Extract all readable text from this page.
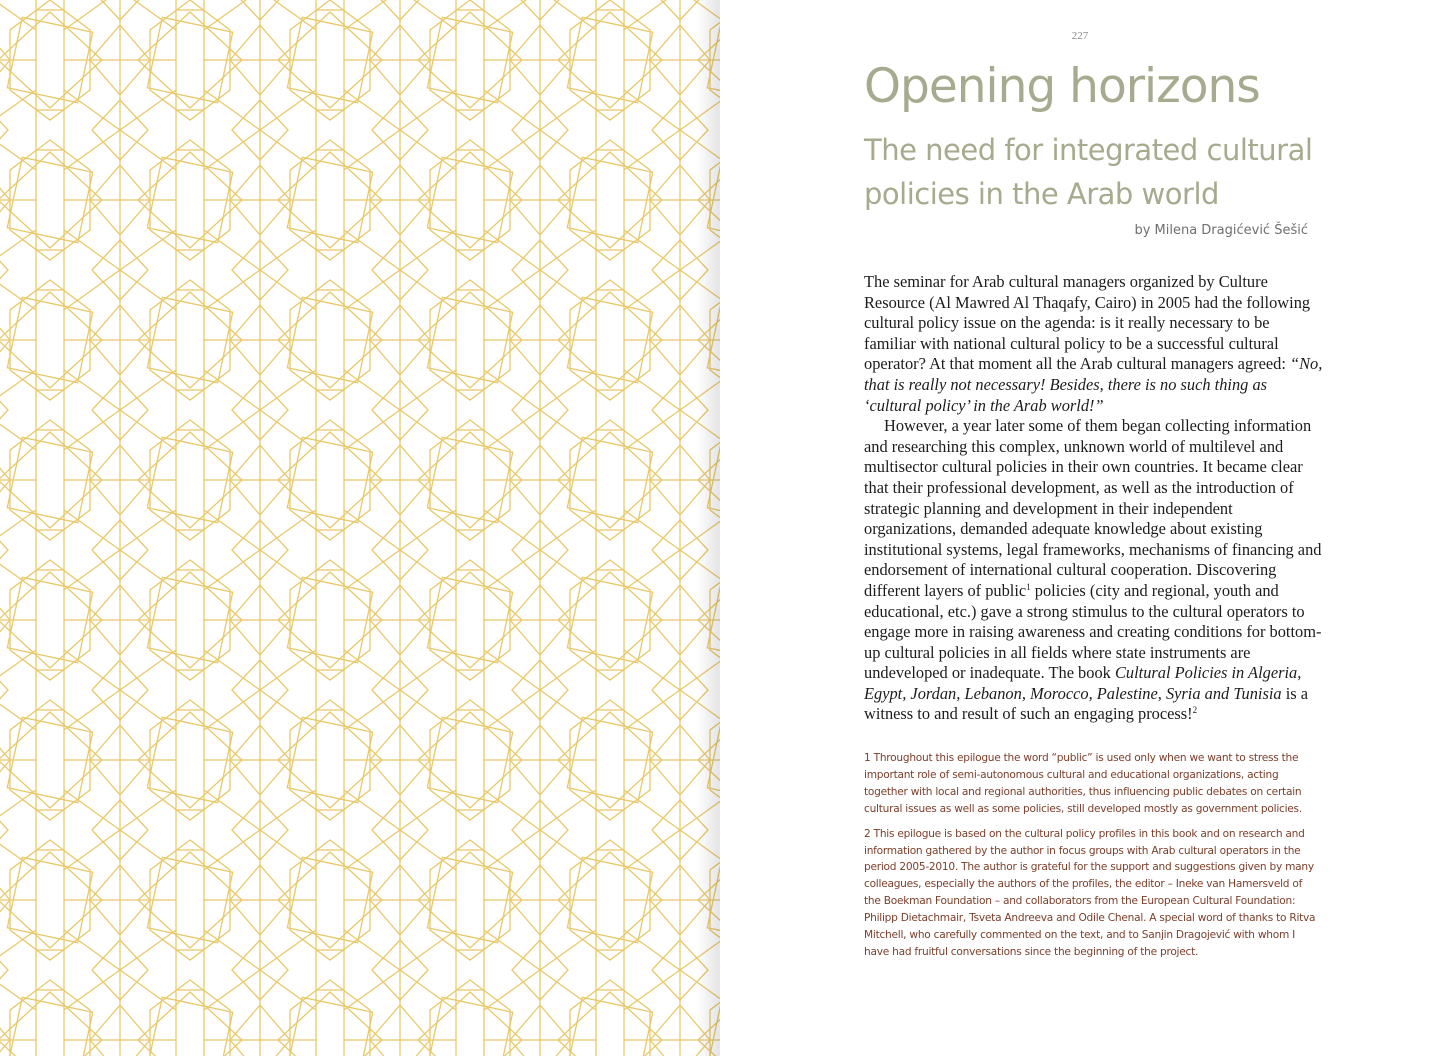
227
Opening horizons
The need for integrated cultural policies in the Arab world
by Milena Dragićević Šešić

The seminar for Arab cultural managers organized by Culture Resource (Al Mawred Al Thaqafy, Cairo) in 2005 had the following cultural policy issue on the agenda: is it really necessary to be familiar with national cultural policy to be a successful cultural operator? At that moment all the Arab cultural managers agreed: “No, that is really not necessary! Besides, there is no such thing as ‘cultural policy’ in the Arab world!”

However, a year later some of them began collecting information and researching this complex, unknown world of multilevel and multisector cultural policies in their own countries. It became clear that their professional development, as well as the introduction of strategic planning and development in their independent organizations, demanded adequate knowledge about existing institutional systems, legal frameworks, mechanisms of financing and endorsement of international cultural cooperation. Discovering different layers of public$^1$ policies (city and regional, youth and educational, etc.) gave a strong stimulus to the cultural operators to engage more in raising awareness and creating conditions for bottom-up cultural policies in all fields where state instruments are undeveloped or inadequate. The book Cultural Policies in Algeria, Egypt, Jordan, Lebanon, Morocco, Palestine, Syria and Tunisia is a witness to and result of such an engaging process!$^2$

1 Throughout this epilogue the word “public” is used only when we want to stress the important role of semi-autonomous cultural and educational organizations, acting together with local and regional authorities, thus influencing public debates on certain cultural issues as well as some policies, still developed mostly as government policies.

2 This epilogue is based on the cultural policy profiles in this book and on research and information gathered by the author in focus groups with Arab cultural operators in the period 2005-2010. The author is grateful for the support and suggestions given by many colleagues, especially the authors of the profiles, the editor – Ineke van Hamersveld of the Boekman Foundation – and collaborators from the European Cultural Foundation: Philipp Dietachmair, Tsveta Andreeva and Odile Chenal. A special word of thanks to Ritva Mitchell, who carefully commented on the text, and to Sanjin Dragojević with whom I have had fruitful conversations since the beginning of the project.
